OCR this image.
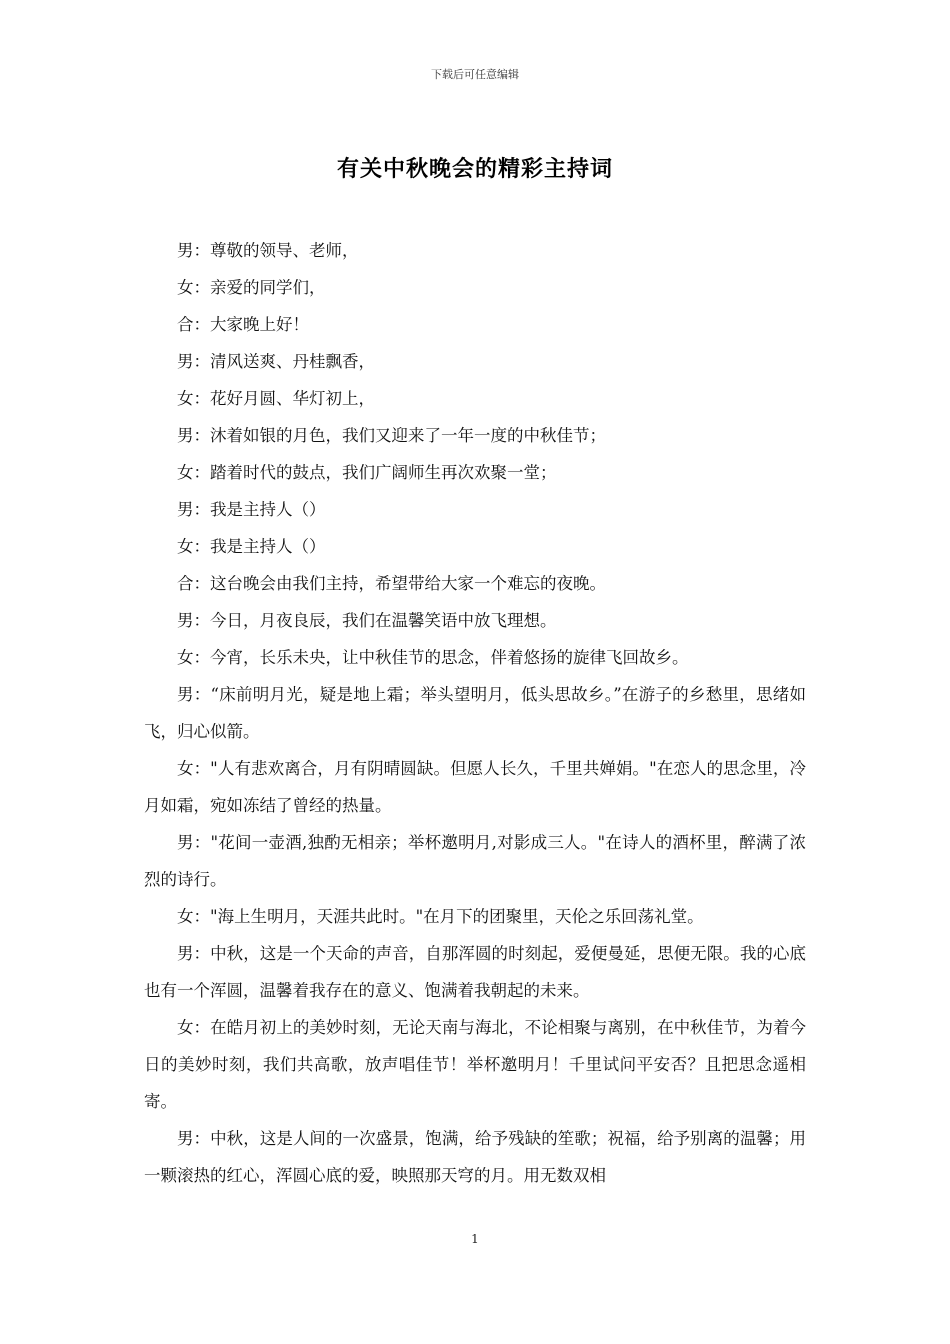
下载后可任意编辑
有关中秋晚会的精彩主持词

男：尊敬的领导、老师，

女：亲爱的同学们，

合：大家晚上好！

男：清风送爽、丹桂飘香，

女：花好月圆、华灯初上，

男：沐着如银的月色，我们又迎来了一年一度的中秋佳节；

女：踏着时代的鼓点，我们广阔师生再次欢聚一堂；

男：我是主持人（）

女：我是主持人（）

合：这台晚会由我们主持，希望带给大家一个难忘的夜晚。

男：今日，月夜良辰，我们在温馨笑语中放飞理想。

女：今宵，长乐未央，让中秋佳节的思念，伴着悠扬的旋律飞回故乡。

男：“床前明月光，疑是地上霜；举头望明月，低头思故乡。”在游子的乡愁里，思绪如飞，归心似箭。

女："人有悲欢离合，月有阴晴圆缺。但愿人长久，千里共婵娟。"在恋人的思念里，冷月如霜，宛如冻结了曾经的热量。

男："花间一壶酒,独酌无相亲；举杯邀明月,对影成三人。"在诗人的酒杯里，醉满了浓烈的诗行。

女："海上生明月，天涯共此时。"在月下的团聚里，天伦之乐回荡礼堂。

男：中秋，这是一个天命的声音，自那浑圆的时刻起，爱便曼延，思便无限。我的心底也有一个浑圆，温馨着我存在的意义、饱满着我朝起的未来。

女：在皓月初上的美妙时刻，无论天南与海北，不论相聚与离别，在中秋佳节，为着今日的美妙时刻，我们共高歌，放声唱佳节！举杯邀明月！千里试问平安否？且把思念遥相寄。

男：中秋，这是人间的一次盛景，饱满，给予残缺的笙歌；祝福，给予别离的温馨；用一颗滚热的红心，浑圆心底的爱，映照那天穹的月。用无数双相

1
